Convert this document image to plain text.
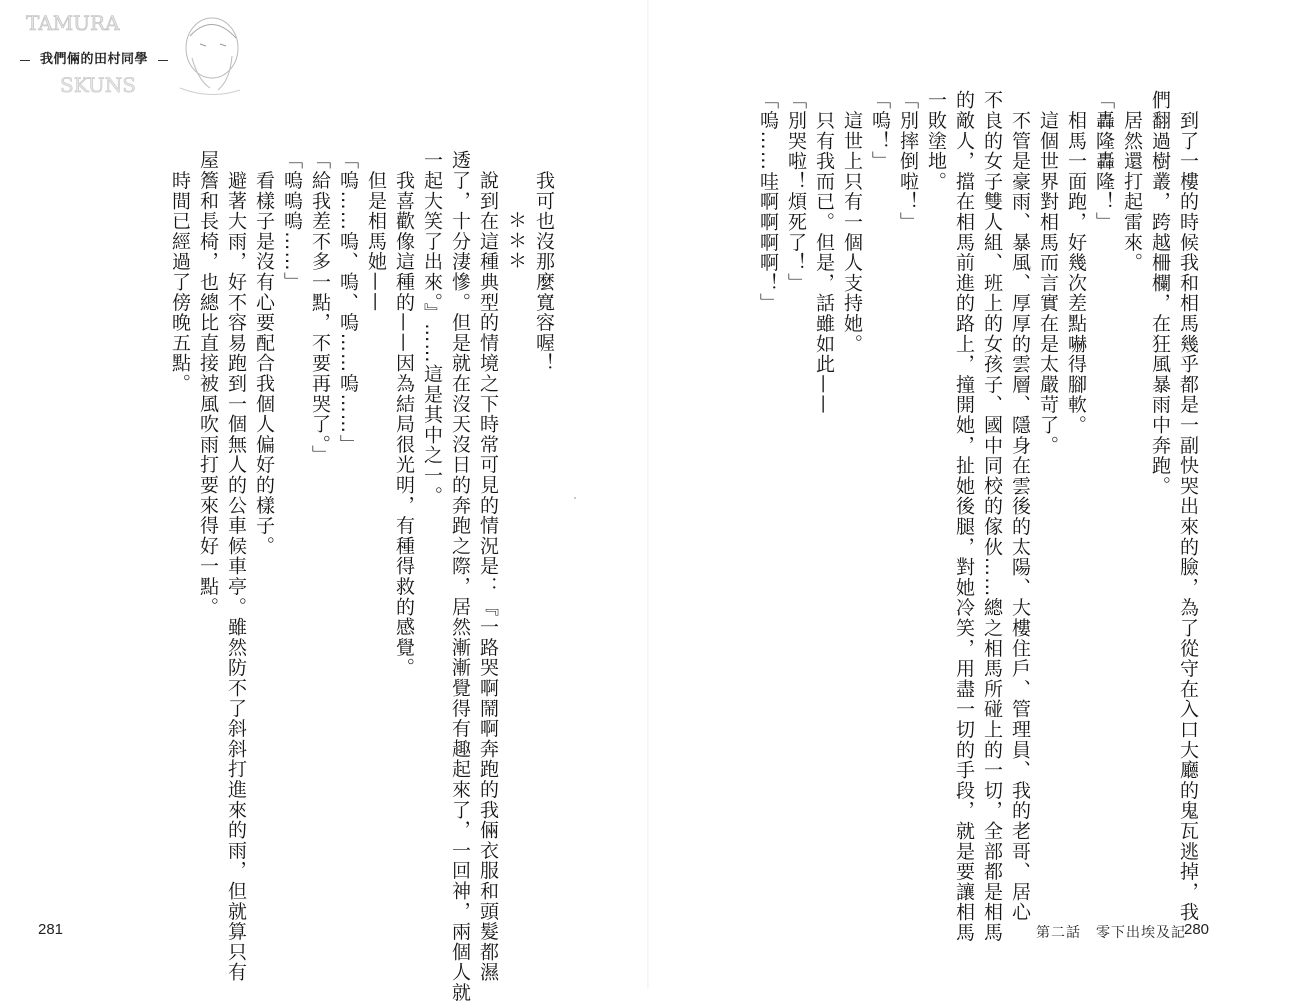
TAMURA
SKUNS
我們倆的田村同學
　到了一樓的時候我和相馬幾乎都是一副快哭出來的臉，為了從守在入口大廳的鬼瓦逃掉，我
們翻過樹叢，跨越柵欄，在狂風暴雨中奔跑。
　居然還打起雷來。
「轟隆轟隆！」
　相馬一面跑，好幾次差點嚇得腳軟。
　這個世界對相馬而言實在是太嚴苛了。
　不管是豪雨、暴風、厚厚的雲層、隱身在雲後的太陽、大樓住戶、管理員、我的老哥、居心
不良的女子雙人組、班上的女孩子、國中同校的傢伙……總之相馬所碰上的一切，全部都是相馬
的敵人，擋在相馬前進的路上，撞開她，扯她後腿，對她冷笑，用盡一切的手段，就是要讓相馬
一敗塗地。
「別摔倒啦！」
「嗚！」
　這世上只有一個人支持她。
　只有我而已。但是，話雖如此——
「別哭啦！煩死了！」
「嗚……哇啊啊啊啊！」
　我可也沒那麼寬容喔！
＊＊＊
　說到在這種典型的情境之下時常可見的情況是：『一路哭啊鬧啊奔跑的我倆衣服和頭髮都濕
透了，十分淒慘。但是就在沒天沒日的奔跑之際，居然漸漸覺得有趣起來了，一回神，兩個人就
一起大笑了出來。』……這是其中之一。
　我喜歡像這種的——因為結局很光明，有種得救的感覺。
　但是相馬她——
「嗚……嗚、嗚、嗚……嗚……」
「給我差不多一點，不要再哭了。」
「嗚嗚嗚……」
　看樣子是沒有心要配合我個人偏好的樣子。
　避著大雨，好不容易跑到一個無人的公車候車亭。雖然防不了斜斜打進來的雨，但就算只有
屋簷和長椅，也總比直接被風吹雨打要來得好一點。
　時間已經過了傍晚五點。
281	第二話　零下出埃及記
280
